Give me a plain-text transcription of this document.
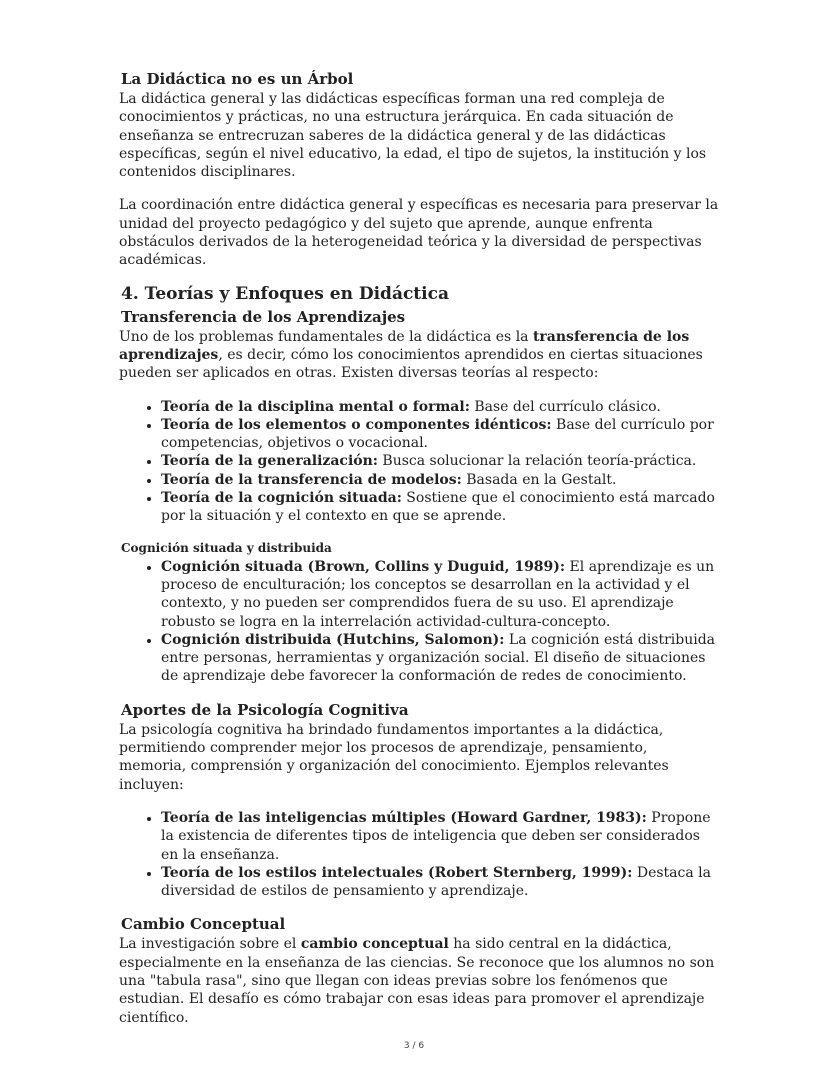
La Didáctica no es un Árbol

La didáctica general y las didácticas específicas forman una red compleja de conocimientos y prácticas, no una estructura jerárquica. En cada situación de enseñanza se entrecruzan saberes de la didáctica general y de las didácticas específicas, según el nivel educativo, la edad, el tipo de sujetos, la institución y los contenidos disciplinares.

La coordinación entre didáctica general y específicas es necesaria para preservar la unidad del proyecto pedagógico y del sujeto que aprende, aunque enfrenta obstáculos derivados de la heterogeneidad teórica y la diversidad de perspectivas académicas.

4. Teorías y Enfoques en Didáctica
Transferencia de los Aprendizajes

Uno de los problemas fundamentales de la didáctica es la transferencia de los aprendizajes, es decir, cómo los conocimientos aprendidos en ciertas situaciones pueden ser aplicados en otras. Existen diversas teorías al respecto:

• Teoría de la disciplina mental o formal: Base del currículo clásico.
• Teoría de los elementos o componentes idénticos: Base del currículo por competencias, objetivos o vocacional.
• Teoría de la generalización: Busca solucionar la relación teoría-práctica.
• Teoría de la transferencia de modelos: Basada en la Gestalt.
• Teoría de la cognición situada: Sostiene que el conocimiento está marcado por la situación y el contexto en que se aprende.
Cognición situada y distribuida
• Cognición situada (Brown, Collins y Duguid, 1989): El aprendizaje es un proceso de enculturación; los conceptos se desarrollan en la actividad y el contexto, y no pueden ser comprendidos fuera de su uso. El aprendizaje robusto se logra en la interrelación actividad-cultura-concepto.
• Cognición distribuida (Hutchins, Salomon): La cognición está distribuida entre personas, herramientas y organización social. El diseño de situaciones de aprendizaje debe favorecer la conformación de redes de conocimiento.
Aportes de la Psicología Cognitiva

La psicología cognitiva ha brindado fundamentos importantes a la didáctica, permitiendo comprender mejor los procesos de aprendizaje, pensamiento, memoria, comprensión y organización del conocimiento. Ejemplos relevantes incluyen:

• Teoría de las inteligencias múltiples (Howard Gardner, 1983): Propone la existencia de diferentes tipos de inteligencia que deben ser considerados en la enseñanza.
• Teoría de los estilos intelectuales (Robert Sternberg, 1999): Destaca la diversidad de estilos de pensamiento y aprendizaje.
Cambio Conceptual

La investigación sobre el cambio conceptual ha sido central en la didáctica, especialmente en la enseñanza de las ciencias. Se reconoce que los alumnos no son una "tabula rasa", sino que llegan con ideas previas sobre los fenómenos que estudian. El desafío es cómo trabajar con esas ideas para promover el aprendizaje científico.

3 / 6
